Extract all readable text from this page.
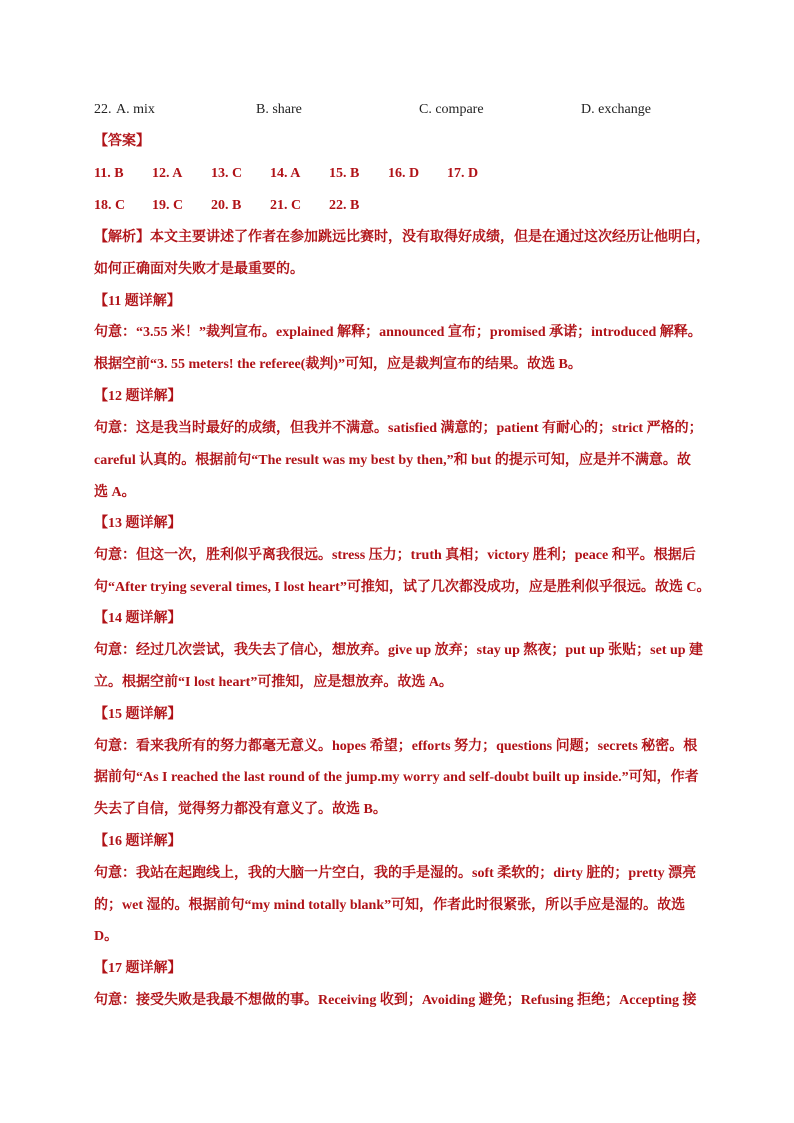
22. A. mix	B. share	C. compare	D. exchange
【答案】
11. B 12. A 13. C 14. A 15. B 16. D 17. D
18. C 19. C 20. B 21. C 22. B
【解析】本文主要讲述了作者在参加跳远比赛时，没有取得好成绩，但是在通过这次经历让他明白，
如何正确面对失败才是最重要的。
【11 题详解】
句意：“3.55 米！”裁判宣布。explained 解释；announced 宣布；promised 承诺；introduced 解释。
根据空前“3. 55 meters! the referee(裁判)”可知，应是裁判宣布的结果。故选 B。
【12 题详解】
句意：这是我当时最好的成绩，但我并不满意。satisfied 满意的；patient 有耐心的；strict 严格的；
careful 认真的。根据前句“The result was my best by then,”和 but 的提示可知，应是并不满意。故
选 A。
【13 题详解】
句意：但这一次，胜利似乎离我很远。stress 压力；truth 真相；victory 胜利；peace 和平。根据后
句“After trying several times, I lost heart”可推知，试了几次都没成功，应是胜利似乎很远。故选 C。
【14 题详解】
句意：经过几次尝试，我失去了信心，想放弃。give up 放弃；stay up 熬夜；put up 张贴；set up 建
立。根据空前“I lost heart”可推知，应是想放弃。故选 A。
【15 题详解】
句意：看来我所有的努力都毫无意义。hopes 希望；efforts 努力；questions 问题；secrets 秘密。根
据前句“As I reached the last round of the jump.my worry and self-doubt built up inside.”可知，作者
失去了自信，觉得努力都没有意义了。故选 B。
【16 题详解】
句意：我站在起跑线上，我的大脑一片空白，我的手是湿的。soft 柔软的；dirty 脏的；pretty 漂亮
的；wet 湿的。根据前句“my mind totally blank”可知，作者此时很紧张，所以手应是湿的。故选
D。
【17 题详解】
句意：接受失败是我最不想做的事。Receiving 收到；Avoiding 避免；Refusing 拒绝；Accepting 接
